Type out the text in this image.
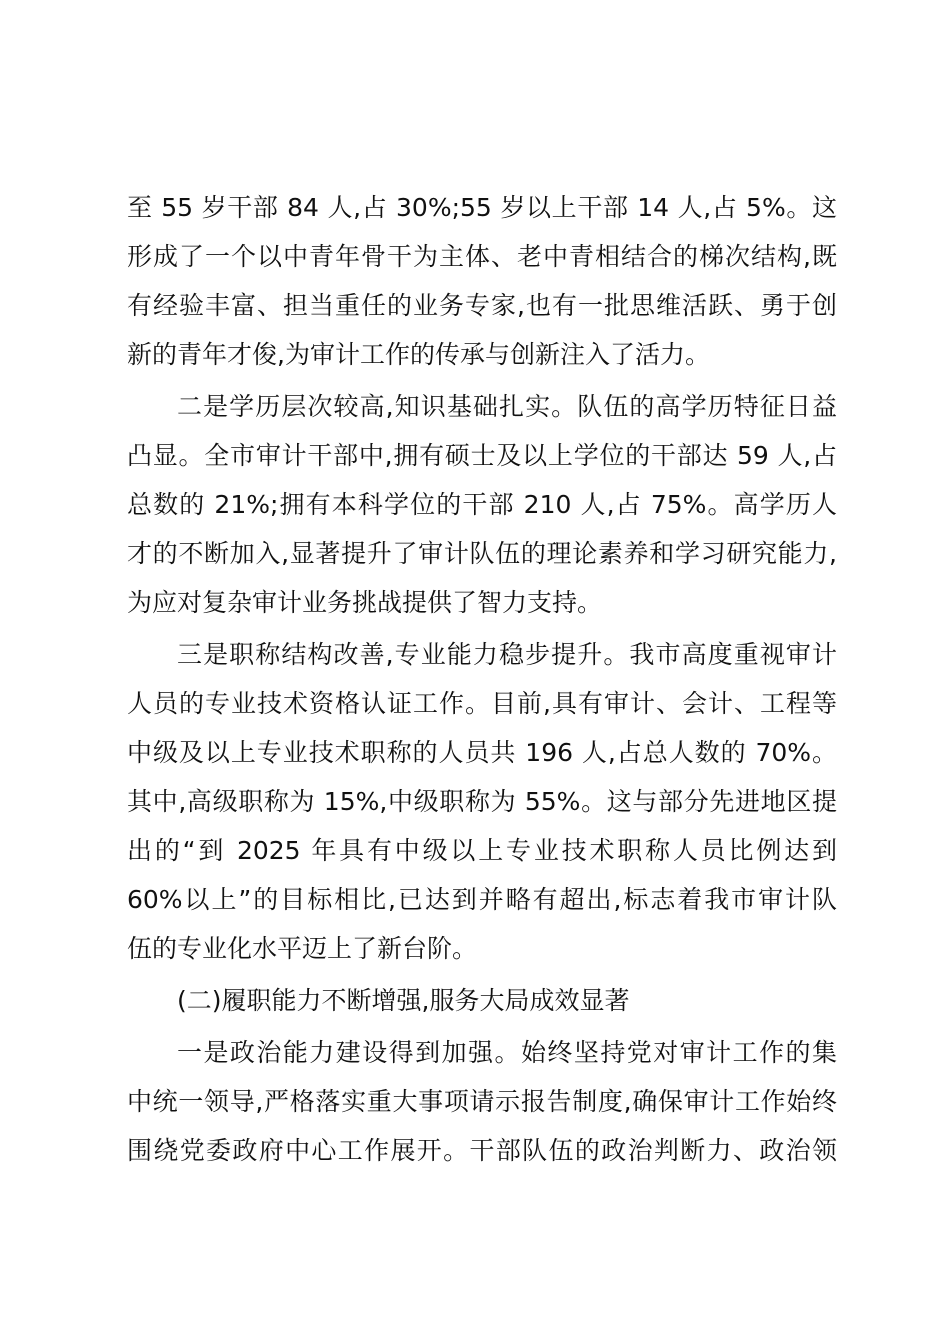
至 55 岁干部 84 人,占 30%;55 岁以上干部 14 人,占 5%。这
形成了一个以中青年骨干为主体、老中青相结合的梯次结构,既
有经验丰富、担当重任的业务专家,也有一批思维活跃、勇于创
新的青年才俊,为审计工作的传承与创新注入了活力。
二是学历层次较高,知识基础扎实。队伍的高学历特征日益
凸显。全市审计干部中,拥有硕士及以上学位的干部达 59 人,占
总数的 21%;拥有本科学位的干部 210 人,占 75%。高学历人
才的不断加入,显著提升了审计队伍的理论素养和学习研究能力,
为应对复杂审计业务挑战提供了智力支持。
三是职称结构改善,专业能力稳步提升。我市高度重视审计
人员的专业技术资格认证工作。目前,具有审计、会计、工程等
中级及以上专业技术职称的人员共 196 人,占总人数的 70%。
其中,高级职称为 15%,中级职称为 55%。这与部分先进地区提
出的“到 2025 年具有中级以上专业技术职称人员比例达到
60%以上”的目标相比,已达到并略有超出,标志着我市审计队
伍的专业化水平迈上了新台阶。
(二)履职能力不断增强,服务大局成效显著
一是政治能力建设得到加强。始终坚持党对审计工作的集
中统一领导,严格落实重大事项请示报告制度,确保审计工作始终
围绕党委政府中心工作展开。干部队伍的政治判断力、政治领
